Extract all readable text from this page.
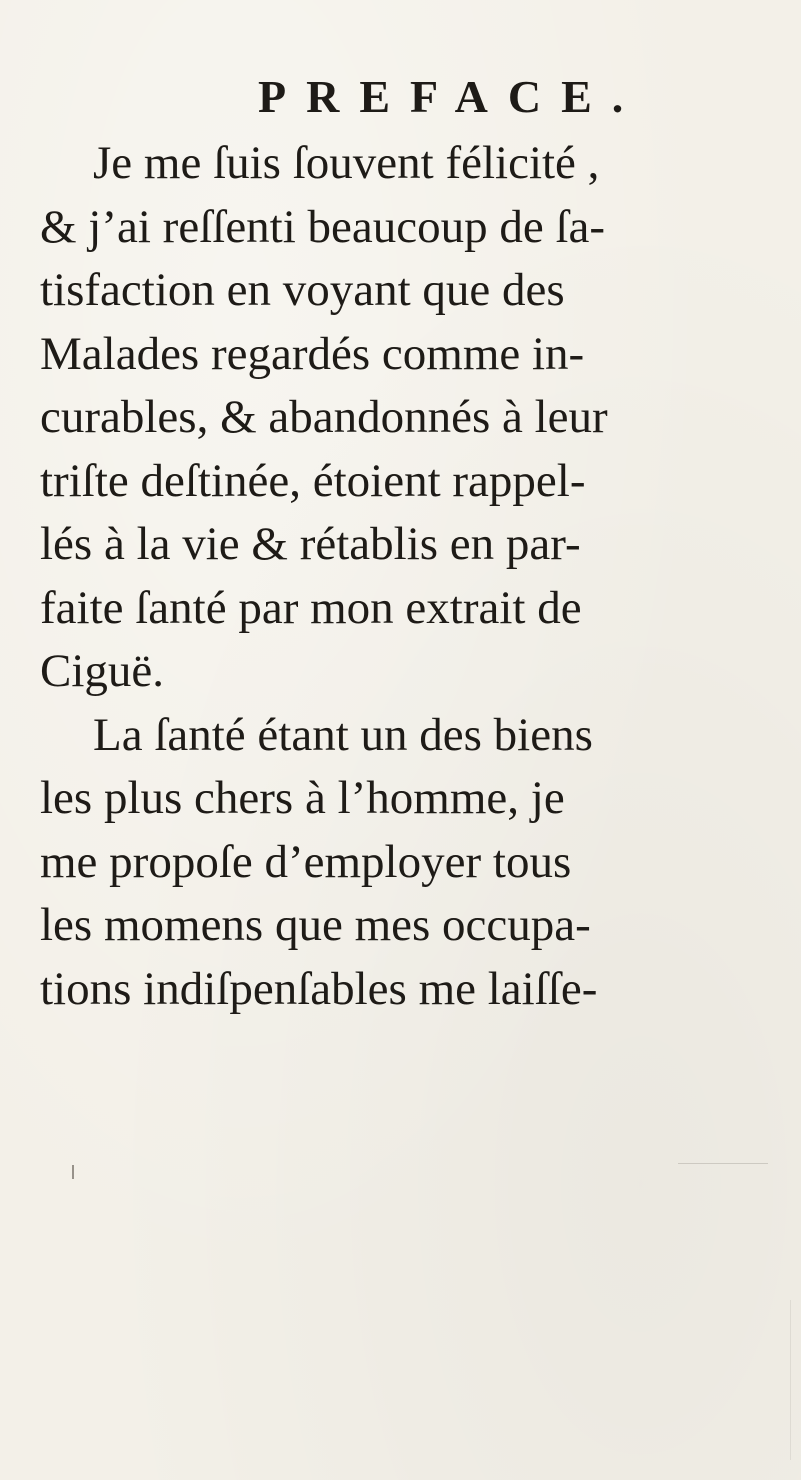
PREFACE.
Je me ſuis ſouvent félicité ,
& j’ai reſſenti beaucoup de ſa-
tisfaction en voyant que des
Malades regardés comme in-
curables, & abandonnés à leur
triſte deſtinée, étoient rappel-
lés à la vie & rétablis en par-
faite ſanté par mon extrait de
Ciguë.
La ſanté étant un des biens
les plus chers à l’homme, je
me propoſe d’employer tous
les momens que mes occupa-
tions indiſpenſables me laiſſe-
